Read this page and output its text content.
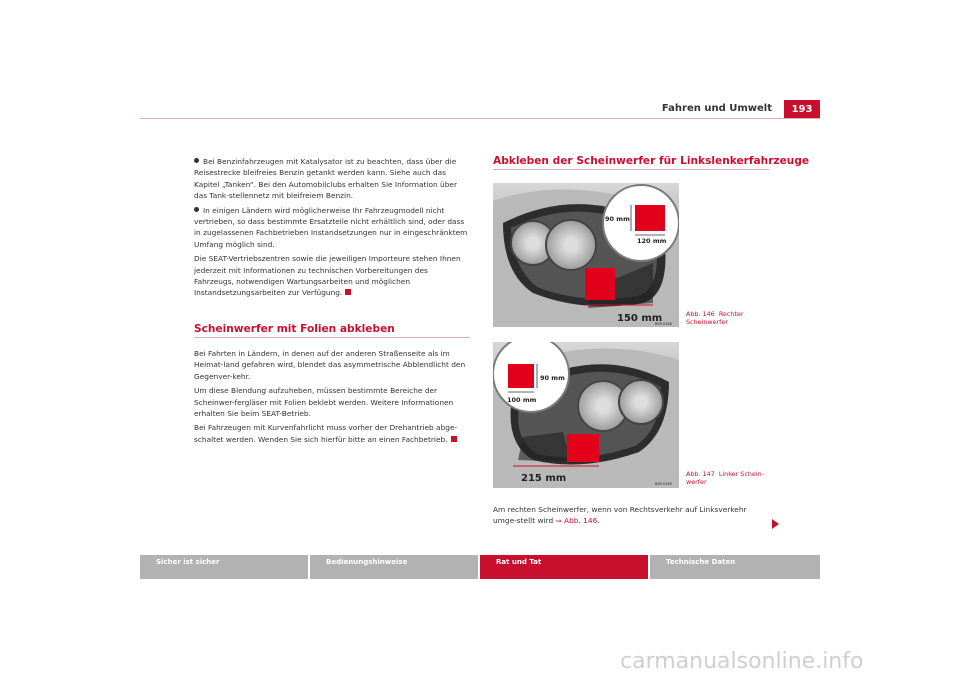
Fahren und Umwelt	193

Bei Benzinfahrzeugen mit Katalysator ist zu beachten, dass über die Reisestrecke bleifreies Benzin getankt werden kann. Siehe auch das Kapitel „Tanken“. Bei den Automobilclubs erhalten Sie Information über das Tank-stellennetz mit bleifreiem Benzin.

In einigen Ländern wird möglicherweise Ihr Fahrzeugmodell nicht vertrieben, so dass bestimmte Ersatzteile nicht erhältlich sind, oder dass in zugelassenen Fachbetrieben Instandsetzungen nur in eingeschränktem Umfang möglich sind.

Die SEAT-Vertriebszentren sowie die jeweiligen Importeure stehen Ihnen jederzeit mit Informationen zu technischen Vorbereitungen des Fahrzeugs, notwendigen Wartungsarbeiten und möglichen Instandsetzungsarbeiten zur Verfügung.

Scheinwerfer mit Folien abkleben

Bei Fahrten in Ländern, in denen auf der anderen Straßenseite als im Heimat-land gefahren wird, blendet das asymmetrische Abblendlicht den Gegenver-kehr.

Um diese Blendung aufzuheben, müssen bestimmte Bereiche der Scheinwer-fergläser mit Folien beklebt werden. Weitere Informationen erhalten Sie beim SEAT-Betrieb.

Bei Fahrzeugen mit Kurvenfahrlicht muss vorher der Drehantrieb abge-schaltet werden. Wenden Sie sich hierfür bitte an einen Fachbetrieb.

Abkleben der Scheinwerfer für Linkslenkerfahrzeuge
90 mm
120 mm
150 mm
B5P-0168
Abb. 146 Rechter Scheinwerfer
90 mm
100 mm
215 mm	B5P-0169
Abb. 147 Linker Schein-
werfer

Am rechten Scheinwerfer, wenn von Rechtsverkehr auf Linksverkehr umge-stellt wird ⇒ Abb. 146.

Sicher ist sicher	Bedienungshinweise	Rat und Tat	Technische Daten
carmanualsonline.info
